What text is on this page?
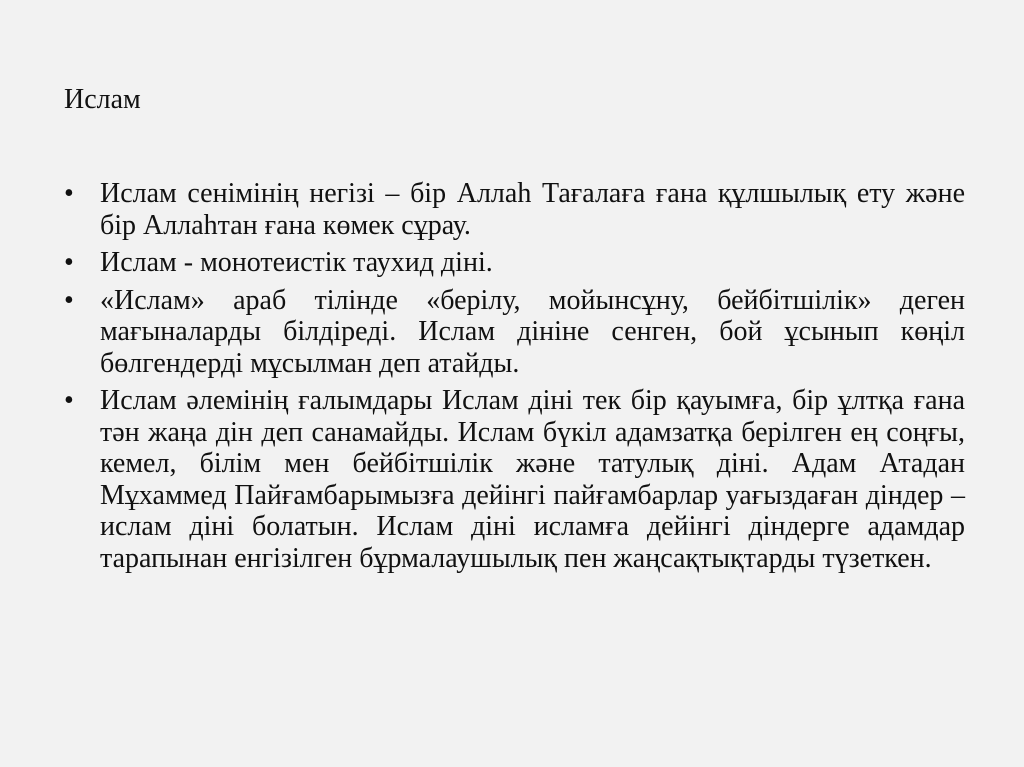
Ислам
• Ислам сенімінің негізі – бір Аллаһ Тағалаға ғана құлшылық ету және бір Аллаһтан ғана көмек сұрау.
• Ислам - монотеистік таухид діні.
• «Ислам» араб тілінде «берілу, мойынсұну, бейбітшілік» деген мағыналарды білдіреді. Ислам дініне сенген, бой ұсынып көңіл бөлгендерді мұсылман деп атайды.
• Ислам әлемінің ғалымдары Ислам діні тек бір қауымға, бір ұлтқа ғана тән жаңа дін деп санамайды. Ислам бүкіл адамзатқа берілген ең соңғы, кемел, білім мен бейбітшілік және татулық діні. Адам Атадан Мұхаммед Пайғамбарымызға дейінгі пайғамбарлар уағыздаған діндер – ислам діні болатын. Ислам діні исламға дейінгі діндерге адамдар тарапынан енгізілген бұрмалаушылық пен жаңсақтықтарды түзеткен.
